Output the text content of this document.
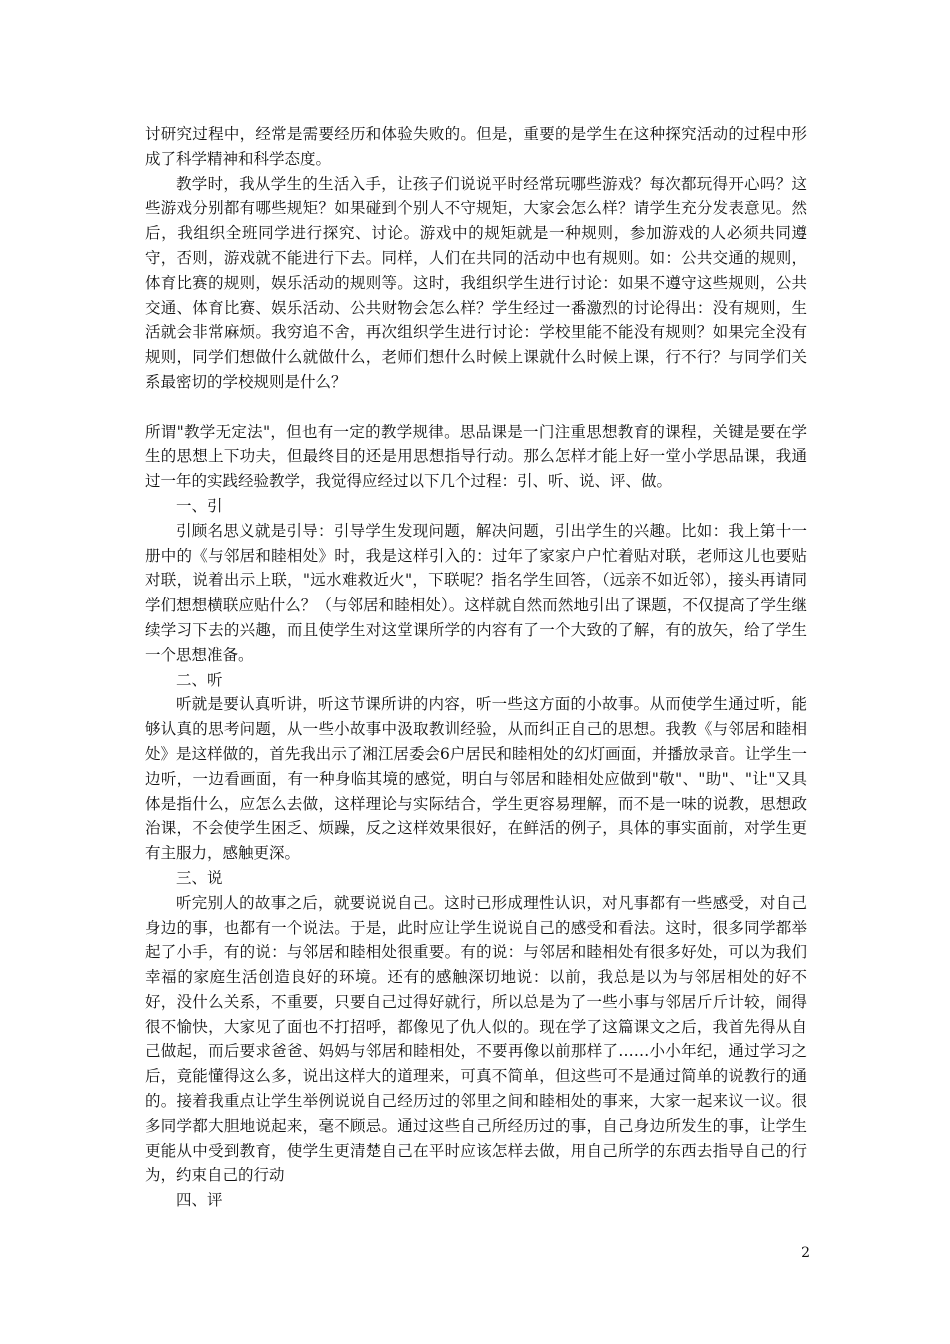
讨研究过程中，经常是需要经历和体验失败的。但是，重要的是学生在这种探究活动的过程中形成了科学精神和科学态度。

教学时，我从学生的生活入手，让孩子们说说平时经常玩哪些游戏？每次都玩得开心吗？这些游戏分别都有哪些规矩？如果碰到个别人不守规矩，大家会怎么样？请学生充分发表意见。然后，我组织全班同学进行探究、讨论。游戏中的规矩就是一种规则，参加游戏的人必须共同遵守，否则，游戏就不能进行下去。同样，人们在共同的活动中也有规则。如：公共交通的规则，体育比赛的规则，娱乐活动的规则等。这时，我组织学生进行讨论：如果不遵守这些规则，公共交通、体育比赛、娱乐活动、公共财物会怎么样？学生经过一番激烈的讨论得出：没有规则，生活就会非常麻烦。我穷追不舍，再次组织学生进行讨论：学校里能不能没有规则？如果完全没有规则，同学们想做什么就做什么，老师们想什么时候上课就什么时候上课，行不行？与同学们关系最密切的学校规则是什么？

所谓"教学无定法"，但也有一定的教学规律。思品课是一门注重思想教育的课程，关键是要在学生的思想上下功夫，但最终目的还是用思想指导行动。那么怎样才能上好一堂小学思品课，我通过一年的实践经验教学，我觉得应经过以下几个过程：引、听、说、评、做。

一、引

引顾名思义就是引导：引导学生发现问题，解决问题，引出学生的兴趣。比如：我上第十一册中的《与邻居和睦相处》时，我是这样引入的：过年了家家户户忙着贴对联，老师这儿也要贴对联，说着出示上联，"远水难救近火"，下联呢？指名学生回答，（远亲不如近邻），接头再请同学们想想横联应贴什么？（与邻居和睦相处）。这样就自然而然地引出了课题，不仅提高了学生继续学习下去的兴趣，而且使学生对这堂课所学的内容有了一个大致的了解，有的放矢，给了学生一个思想准备。

二、听

听就是要认真听讲，听这节课所讲的内容，听一些这方面的小故事。从而使学生通过听，能够认真的思考问题，从一些小故事中汲取教训经验，从而纠正自己的思想。我教《与邻居和睦相处》是这样做的，首先我出示了湘江居委会6户居民和睦相处的幻灯画面，并播放录音。让学生一边听，一边看画面，有一种身临其境的感觉，明白与邻居和睦相处应做到"敬"、"助"、"让"又具体是指什么，应怎么去做，这样理论与实际结合，学生更容易理解，而不是一味的说教，思想政治课，不会使学生困乏、烦躁，反之这样效果很好，在鲜活的例子，具体的事实面前，对学生更有主服力，感触更深。

三、说

听完别人的故事之后，就要说说自己。这时已形成理性认识，对凡事都有一些感受，对自己身边的事，也都有一个说法。于是，此时应让学生说说自己的感受和看法。这时，很多同学都举起了小手，有的说：与邻居和睦相处很重要。有的说：与邻居和睦相处有很多好处，可以为我们幸福的家庭生活创造良好的环境。还有的感触深切地说：以前，我总是以为与邻居相处的好不好，没什么关系，不重要，只要自己过得好就行，所以总是为了一些小事与邻居斤斤计较，闹得很不愉快，大家见了面也不打招呼，都像见了仇人似的。现在学了这篇课文之后，我首先得从自己做起，而后要求爸爸、妈妈与邻居和睦相处，不要再像以前那样了……小小年纪，通过学习之后，竟能懂得这么多，说出这样大的道理来，可真不简单，但这些可不是通过简单的说教行的通的。接着我重点让学生举例说说自己经历过的邻里之间和睦相处的事来，大家一起来议一议。很多同学都大胆地说起来，毫不顾忌。通过这些自己所经历过的事，自己身边所发生的事，让学生更能从中受到教育，使学生更清楚自己在平时应该怎样去做，用自己所学的东西去指导自己的行为，约束自己的行动

四、评

2
